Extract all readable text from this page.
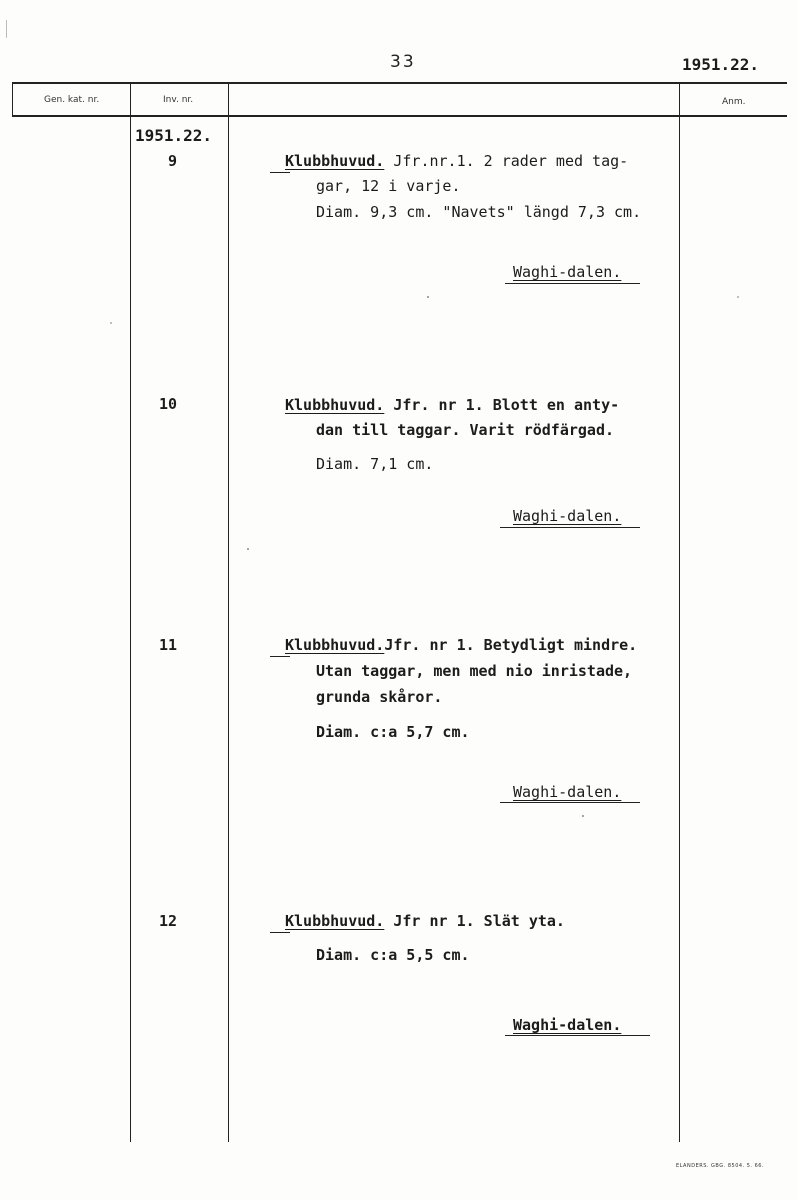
33	1951.22.
Gen. kat. nr.	Inv. nr.	Anm.
1951.22.
9	Klubbhuvud. Jfr.nr.1. 2 rader med tag-
gar, 12 i varje.
Diam. 9,3 cm. "Navets" längd 7,3 cm.
Waghi-dalen.
10	Klubbhuvud. Jfr. nr 1. Blott en anty-
dan till taggar. Varit rödfärgad.
Diam. 7,1 cm.
Waghi-dalen.
11	Klubbhuvud.Jfr. nr 1. Betydligt mindre.
Utan taggar, men med nio inristade,
grunda skåror.
Diam. c:a 5,7 cm.
Waghi-dalen.
12	Klubbhuvud. Jfr nr 1. Slät yta.
Diam. c:a 5,5 cm.
Waghi-dalen.
ELANDERS. GBG. 8504. 5. 66.
